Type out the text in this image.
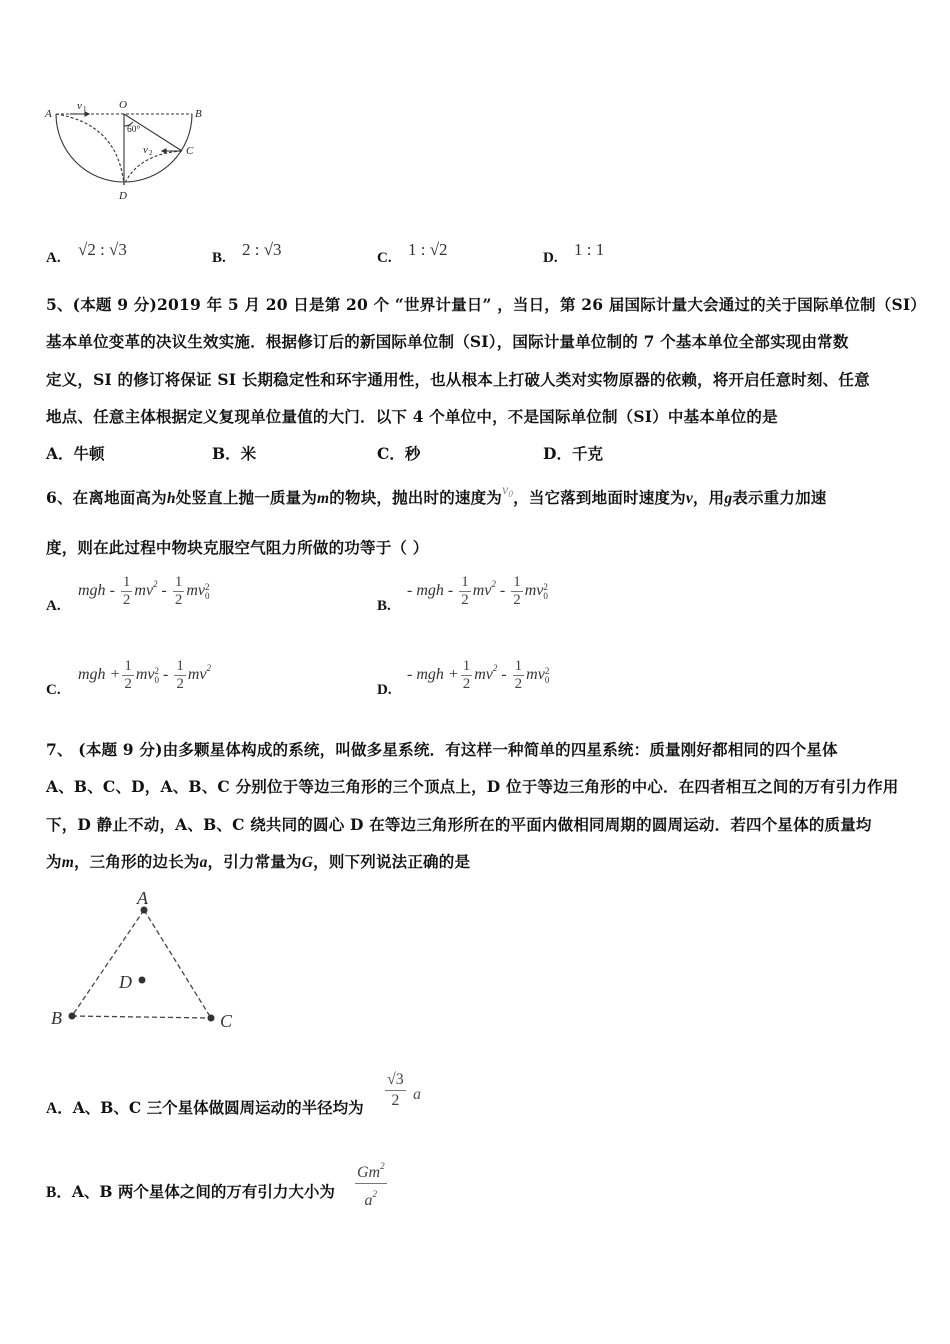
A
O
B
C
D
v 1
v 2
60°
A. √2 : √3	B. 2 : √3	C. 1 : √2	D. 1 : 1
5、(本题 9 分)2019 年 5 月 20 日是第 20 个 “世界计量日” ，当日，第 26 届国际计量大会通过的关于国际单位制（SI）
基本单位变革的决议生效实施．根据修订后的新国际单位制（SI），国际计量单位制的 7 个基本单位全部实现由常数
定义，SI 的修订将保证 SI 长期稳定性和环宇通用性，也从根本上打破人类对实物原器的依赖，将开启任意时刻、任意
地点、任意主体根据定义复现单位量值的大门．以下 4 个单位中，不是国际单位制（SI）中基本单位的是
A．牛顿	B．米	C．秒	D．千克
6、在离地面高为h处竖直上抛一质量为m的物块，抛出时的速度为$v_0$，当它落到地面时速度为v，用g表示重力加速
度，则在此过程中物块克服空气阻力所做的功等于（ ）
A.
mgh - $\frac{1}{2} mv^2 - \frac{1}{2}$ mv 2
0
B.
- mgh - $\frac{1}{2} mv^2 - \frac{1}{2}$ mv 2
0
C.
mgh + $\frac{1}{2}$ mv 2
$0 - \frac{1}{2} mv^2$
D.
- mgh + $\frac{1}{2} mv^2 - \frac{1}{2}$ mv 2
0
7、 (本题 9 分)由多颗星体构成的系统，叫做多星系统．有这样一种简单的四星系统：质量刚好都相同的四个星体
A、B、C、D，A、B、C 分别位于等边三角形的三个顶点上，D 位于等边三角形的中心．在四者相互之间的万有引力作用
下，D 静止不动，A、B、C 绕共同的圆心 D 在等边三角形所在的平面内做相同周期的圆周运动．若四个星体的质量均
为m，三角形的边长为a，引力常量为G，则下列说法正确的是
A
B	C
D
A．A、B、C 三个星体做圆周运动的半径均为 $\frac{√3}{2}$ a
B．A、B 两个星体之间的万有引力大小为 $\frac{Gm^2}{a^2}$
